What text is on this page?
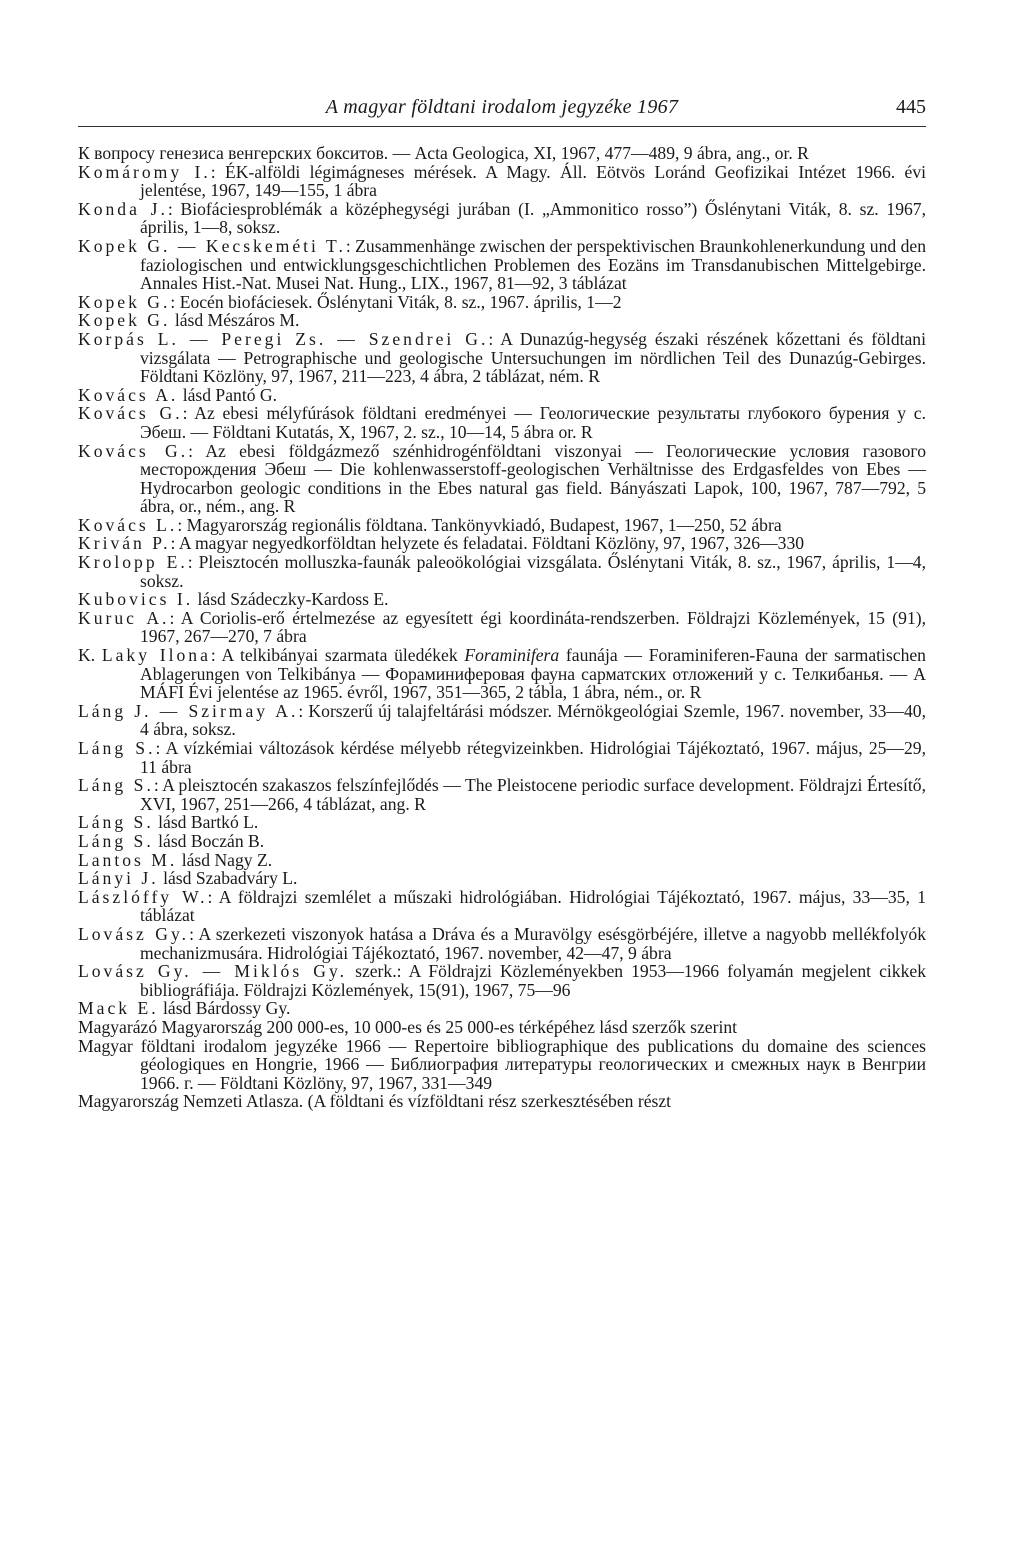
A magyar földtani irodalom jegyzéke 1967	445

К вопросу генезиса венгерских бокситов. — Acta Geologica, XI, 1967, 477—489, 9 ábra, ang., or. R

Komáromy I.: ÉK-alföldi légimágneses mérések. A Magy. Áll. Eötvös Loránd Geofizikai Intézet 1966. évi jelentése, 1967, 149—155, 1 ábra

Konda J.: Biofáciesproblémák a középhegységi jurában (I. „Ammonitico rosso”) Őslénytani Viták, 8. sz. 1967, április, 1—8, soksz.

Kopek G. — Kecskeméti T.: Zusammenhänge zwischen der perspektivischen Braunkohlenerkundung und den faziologischen und entwicklungsgeschichtlichen Problemen des Eozäns im Transdanubischen Mittelgebirge. Annales Hist.-Nat. Musei Nat. Hung., LIX., 1967, 81—92, 3 táblázat

Kopek G.: Eocén biofáciesek. Őslénytani Viták, 8. sz., 1967. április, 1—2

Kopek G. lásd Mészáros M.

Korpás L. — Peregi Zs. — Szendrei G.: A Dunazúg-hegység északi részének kőzettani és földtani vizsgálata — Petrographische und geologische Untersuchungen im nördlichen Teil des Dunazúg-Gebirges. Földtani Közlöny, 97, 1967, 211—223, 4 ábra, 2 táblázat, ném. R

Kovács A. lásd Pantó G.

Kovács G.: Az ebesi mélyfúrások földtani eredményei — Геологические результаты глубокого бурения у с. Эбеш. — Földtani Kutatás, X, 1967, 2. sz., 10—14, 5 ábra or. R

Kovács G.: Az ebesi földgázmező szénhidrogénföldtani viszonyai — Геологические условия газового месторождения Эбеш — Die kohlenwasserstoff-geologischen Verhältnisse des Erdgasfeldes von Ebes — Hydrocarbon geologic conditions in the Ebes natural gas field. Bányászati Lapok, 100, 1967, 787—792, 5 ábra, or., ném., ang. R

Kovács L.: Magyarország regionális földtana. Tankönyvkiadó, Budapest, 1967, 1—250, 52 ábra

Kriván P.: A magyar negyedkorföldtan helyzete és feladatai. Földtani Közlöny, 97, 1967, 326—330

Krolopp E.: Pleisztocén molluszka-faunák paleoökológiai vizsgálata. Őslénytani Viták, 8. sz., 1967, április, 1—4, soksz.

Kubovics I. lásd Szádeczky-Kardoss E.

Kuruc A.: A Coriolis-erő értelmezése az egyesített égi koordináta-rendszerben. Földrajzi Közlemények, 15 (91), 1967, 267—270, 7 ábra

K. Laky Ilona: A telkibányai szarmata üledékek Foraminifera faunája — Foraminiferen-Fauna der sarmatischen Ablagerungen von Telkibánya — Фораминиферовая фауна сарматских отложений у с. Телкибанья. — A MÁFI Évi jelentése az 1965. évről, 1967, 351—365, 2 tábla, 1 ábra, ném., or. R

Láng J. — Szirmay A.: Korszerű új talajfeltárási módszer. Mérnökgeológiai Szemle, 1967. november, 33—40, 4 ábra, soksz.

Láng S.: A vízkémiai változások kérdése mélyebb rétegvizeinkben. Hidrológiai Tájékoztató, 1967. május, 25—29, 11 ábra

Láng S.: A pleisztocén szakaszos felszínfejlődés — The Pleistocene periodic surface development. Földrajzi Értesítő, XVI, 1967, 251—266, 4 táblázat, ang. R

Láng S. lásd Bartkó L.

Láng S. lásd Boczán B.

Lantos M. lásd Nagy Z.

Lányi J. lásd Szabadváry L.

Lászlóffy W.: A földrajzi szemlélet a műszaki hidrológiában. Hidrológiai Tájékoztató, 1967. május, 33—35, 1 táblázat

Lovász Gy.: A szerkezeti viszonyok hatása a Dráva és a Muravölgy esésgörbéjére, illetve a nagyobb mellékfolyók mechanizmusára. Hidrológiai Tájékoztató, 1967. november, 42—47, 9 ábra

Lovász Gy. — Miklós Gy. szerk.: A Földrajzi Közleményekben 1953—1966 folyamán megjelent cikkek bibliográfiája. Földrajzi Közlemények, 15(91), 1967, 75—96

Mack E. lásd Bárdossy Gy.

Magyarázó Magyarország 200 000-es, 10 000-es és 25 000-es térképéhez lásd szerzők szerint

Magyar földtani irodalom jegyzéke 1966 — Repertoire bibliographique des publications du domaine des sciences géologiques en Hongrie, 1966 — Библиография литературы геологических и смежных наук в Венгрии 1966. г. — Földtani Közlöny, 97, 1967, 331—349

Magyarország Nemzeti Atlasza. (A földtani és vízföldtani rész szerkesztésében részt
